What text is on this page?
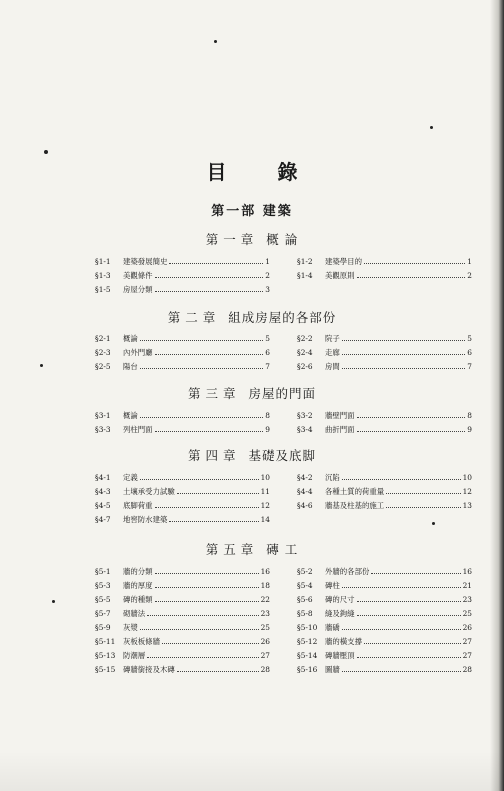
目 錄
第一部 建築
第一章 概 論
§1-1	建築發展簡史	1	§1-2	建築學目的	1
§1-3	美觀條件	2	§1-4	美觀原則	2
§1-5	房屋分類	3
第二章 組成房屋的各部份
§2-1	概論	5	§2-2	院子	5
§2-3	內外門廳	6	§2-4	走廊	6
§2-5	陽台	7	§2-6	房間	7
第三章 房屋的門面
§3-1	概論	8	§3-2	牆壁門面	8
§3-3	列柱門面	9	§3-4	曲折門面	9
第四章 基礎及底脚
§4-1	定義	10	§4-2	沉陷	10
§4-3	土壤承受力試驗	11	§4-4	各種土質的荷重量	12
§4-5	底脚荷重	12	§4-6	牆基及柱基的施工	13
§4-7	地窖防水建築	14
第五章 磚 工
§5-1	牆的分類	16	§5-2	外牆的各部份	16
§5-3	牆的厚度	18	§5-4	磚柱	21
§5-5	磚的種類	22	§5-6	磚的尺寸	23
§5-7	砌牆法	23	§5-8	縫及鉤縫	25
§5-9	灰漿	25	§5-10	牆礄	26
§5-11	灰板板條牆	26	§5-12	牆的橫支撐	27
§5-13	防潮層	27	§5-14	磚牆壓頂	27
§5-15	磚牆銜接及木磚	28	§5-16	圖牆	28
